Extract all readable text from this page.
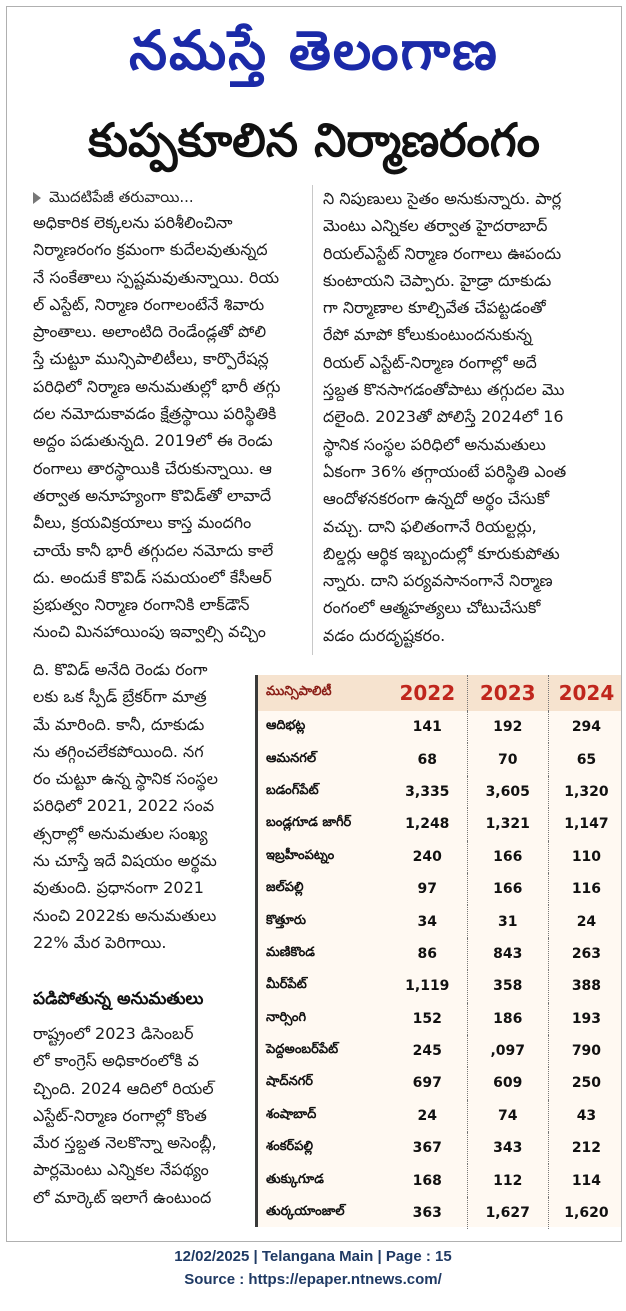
నమస్తే తెలంగాణ
కుప్పకూలిన నిర్మాణరంగం
మొదటిపేజీ తరువాయి...
అధికారిక లెక్కలను పరిశీలించినా
నిర్మాణరంగం క్రమంగా కుదేలవుతున్నద
నే సంకేతాలు స్పష్టమవుతున్నాయి. రియ
ల్ ఎస్టేట్, నిర్మాణ రంగాలంటేనే శివారు
ప్రాంతాలు. అలాంటిది రెండేండ్లతో పోలి
స్తే చుట్టూ మున్సిపాలిటీలు, కార్పొరేషన్ల
పరిధిలో నిర్మాణ అనుమతుల్లో భారీ తగ్గు
దల నమోదుకావడం క్షేత్రస్థాయి పరిస్థితికి
అద్దం పడుతున్నది. 2019లో ఈ రెండు
రంగాలు తారస్థాయికి చేరుకున్నాయి. ఆ
తర్వాత అనూహ్యంగా కొవిడ్‌తో లావాదే
వీలు, క్రయవిక్రయాలు కాస్త మందగిం
చాయే కానీ భారీ తగ్గుదల నమోదు కాలే
దు. అందుకే కొవిడ్ సమయంలో కేసీఆర్
ప్రభుత్వం నిర్మాణ రంగానికి లాక్‌డౌన్
నుంచి మినహాయింపు ఇవ్వాల్సి వచ్చిం
ది. కొవిడ్ అనేది రెండు రంగా
లకు ఒక స్పీడ్ బ్రేకర్‌గా మాత్ర
మే మారింది. కానీ, దూకుడు
ను తగ్గించలేకపోయింది. నగ
రం చుట్టూ ఉన్న స్థానిక సంస్థల
పరిధిలో 2021, 2022 సంవ
త్సరాల్లో అనుమతుల సంఖ్య
ను చూస్తే ఇదే విషయం అర్థమ
వుతుంది. ప్రధానంగా 2021
నుంచి 2022కు అనుమతులు
22% మేర పెరిగాయి.
పడిపోతున్న అనుమతులు
రాష్ట్రంలో 2023 డిసెంబర్
లో కాంగ్రెస్ అధికారంలోకి వ
చ్చింది. 2024 ఆదిలో రియల్
ఎస్టేట్-నిర్మాణ రంగాల్లో కొంత
మేర స్తబ్దత నెలకొన్నా అసెంబ్లీ,
పార్లమెంటు ఎన్నికల నేపథ్యం
లో మార్కెట్ ఇలాగే ఉంటుంద
ని నిపుణులు సైతం అనుకున్నారు. పార్ల
మెంటు ఎన్నికల తర్వాత హైదరాబాద్
రియల్‌ఎస్టేట్ నిర్మాణ రంగాలు ఊపందు
కుంటాయని చెప్పారు. హైడ్రా దూకుడు
గా నిర్మాణాల కూల్చివేత చేపట్టడంతో
రేపో మాపో కోలుకుంటుందనుకున్న
రియల్ ఎస్టేట్-నిర్మాణ రంగాల్లో అదే
స్తబ్దత కొనసాగడంతోపాటు తగ్గుదల మొ
దలైంది. 2023తో పోలిస్తే 2024లో 16
స్థానిక సంస్థల పరిధిలో అనుమతులు
ఏకంగా 36% తగ్గాయంటే పరిస్థితి ఎంత
ఆందోళనకరంగా ఉన్నదో అర్థం చేసుకో
వచ్చు. దాని ఫలితంగానే రియల్టర్లు,
బిల్డర్లు ఆర్థిక ఇబ్బందుల్లో కూరుకుపోతు
న్నారు. దాని పర్యవసానంగానే నిర్మాణ
రంగంలో ఆత్మహత్యలు చోటుచేసుకో
వడం దురదృష్టకరం.
మున్సిపాలిటీ	2022	2023	2024
ఆదిభట్ల	141	192	294
ఆమనగల్	68	70	65
బడంగ్‌పేట్	3,335	3,605	1,320
బండ్లగూడ జాగీర్	1,248	1,321	1,147
ఇబ్రహీంపట్నం	240	166	110
జల్‌పల్లి	97	166	116
కొత్తూరు	34	31	24
మణికొండ	86	843	263
మీర్‌పేట్	1,119	358	388
నార్సింగి	152	186	193
పెద్దఅంబర్‌పేట్	245	,097	790
షాద్‌నగర్	697	609	250
శంషాబాద్	24	74	43
శంకర్‌పల్లి	367	343	212
తుక్కుగూడ	168	112	114
తుర్కయాంజాల్	363	1,627	1,620
12/02/2025 | Telangana Main | Page : 15
Source : https://epaper.ntnews.com/
